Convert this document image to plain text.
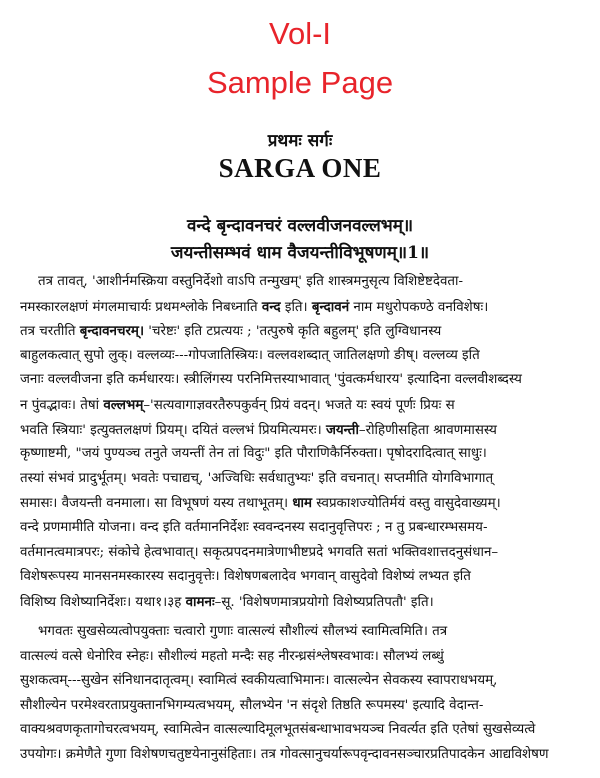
Vol-I
Sample Page
प्रथमः सर्गः
SARGA ONE
वन्दे बृन्दावनचरं वल्लवीजनवल्लभम्॥
जयन्तीसम्भवं धाम वैजयन्तीविभूषणम्॥1॥
तत्र तावत्, 'आशीर्नमस्क्रिया वस्तुनिर्देशो वाऽपि तन्मुखम्' इति शास्त्रमनुसृत्य विशिष्टेष्टदेवता-
नमस्कारलक्षणं मंगलमाचार्यः प्रथमश्लोके निबध्नाति वन्द इति। बृन्दावनं नाम मधुरोपकण्ठे वनविशेषः।
तत्र चरतीति बृन्दावनचरम्। 'चरेष्टः' इति टप्रत्ययः ; 'तत्पुरुषे कृति बहुलम्' इति लुग्विधानस्य
बाहुलकत्वात् सुपो लुक्। वल्लव्यः---गोपजातिस्त्रियः। वल्लवशब्दात् जातिलक्षणो ङीष्। वल्लव्य इति
जनाः वल्लवीजना इति कर्मधारयः। स्त्रीलिंगस्य परनिमित्तस्याभावात् 'पुंवत्कर्मधारय' इत्यादिना वल्लवीशब्दस्य
न पुंवद्भावः। तेषां वल्लभम्–'सत्यवागाज्ञवरतैरुपकुर्वन् प्रियं वदन्। भजते यः स्वयं पूर्णः प्रियः स
भवति स्त्रियाः' इत्युक्तलक्षणं प्रियम्। दयितं वल्लभं प्रियमित्यमरः। जयन्ती–रोहिणीसहिता श्रावणमासस्य
कृष्णाष्टमी, "जयं पुण्यञ्च तनुते जयन्तीं तेन तां विदुः" इति पौराणिकैर्निरुक्ता। पृषोदरादित्वात् साधुः।
तस्यां संभवं प्रादुर्भूतम्। भवतेः पचाद्यच्, 'अज्विधिः सर्वधातुभ्यः' इति वचनात्। सप्तमीति योगविभागात्
समासः। वैजयन्ती वनमाला। सा विभूषणं यस्य तथाभूतम्। धाम स्वप्रकाशज्योतिर्मयं वस्तु वासुदेवाख्यम्।
वन्दे प्रणमामीति योजना। वन्द इति वर्तमाननिर्देशः स्ववन्दनस्य सदानुवृत्तिपरः ; न तु प्रबन्धारम्भसमय-
वर्तमानत्वमात्रपरः; संकोचे हेत्वभावात्। सकृत्प्रपदनमात्रेणाभीष्टप्रदे भगवति सतां भक्तिवशात्तदनुसंधान–
विशेषरूपस्य मानसनमस्कारस्य सदानुवृत्तेः। विशेषणबलादेव भगवान् वासुदेवो विशेष्यं लभ्यत इति
विशिष्य विशेष्यानिर्देशः। यथा१।३ह वामनः–सू. 'विशेषणमात्रप्रयोगो विशेष्यप्रतिपतौ' इति।
भगवतः सुखसेव्यत्वोपयुक्ताः चत्वारो गुणाः वात्सल्यं सौशील्यं सौलभ्यं स्वामित्वमिति। तत्र
वात्सल्यं वत्से धेनोरिव स्नेहः। सौशील्यं महतो मन्दैः सह नीरन्ध्रसंश्लेषस्वभावः। सौलभ्यं लब्धुं
सुशकत्वम्---सुखेन संनिधानदातृत्वम्। स्वामित्वं स्वकीयत्वाभिमानः। वात्सल्येन सेवकस्य स्वापराधभयम्,
सौशील्येन परमेश्वरताप्रयुक्तानभिगम्यत्वभयम्, सौलभ्येन 'न संदृशे तिष्ठति रूपमस्य' इत्यादि वेदान्त-
वाक्यश्रवणकृतागोचरत्वभयम्, स्वामित्वेन वात्सल्यादिमूलभूतसंबन्धाभावभयञ्च निवर्त्यत इति एतेषां सुखसेव्यत्वे
उपयोगः। क्रमेणैते गुणा विशेषणचतुष्टयेनानुसंहिताः। तत्र गोवत्सानुचर्यारूपवृन्दावनसञ्चारप्रतिपादकेन आद्यविशेषण
